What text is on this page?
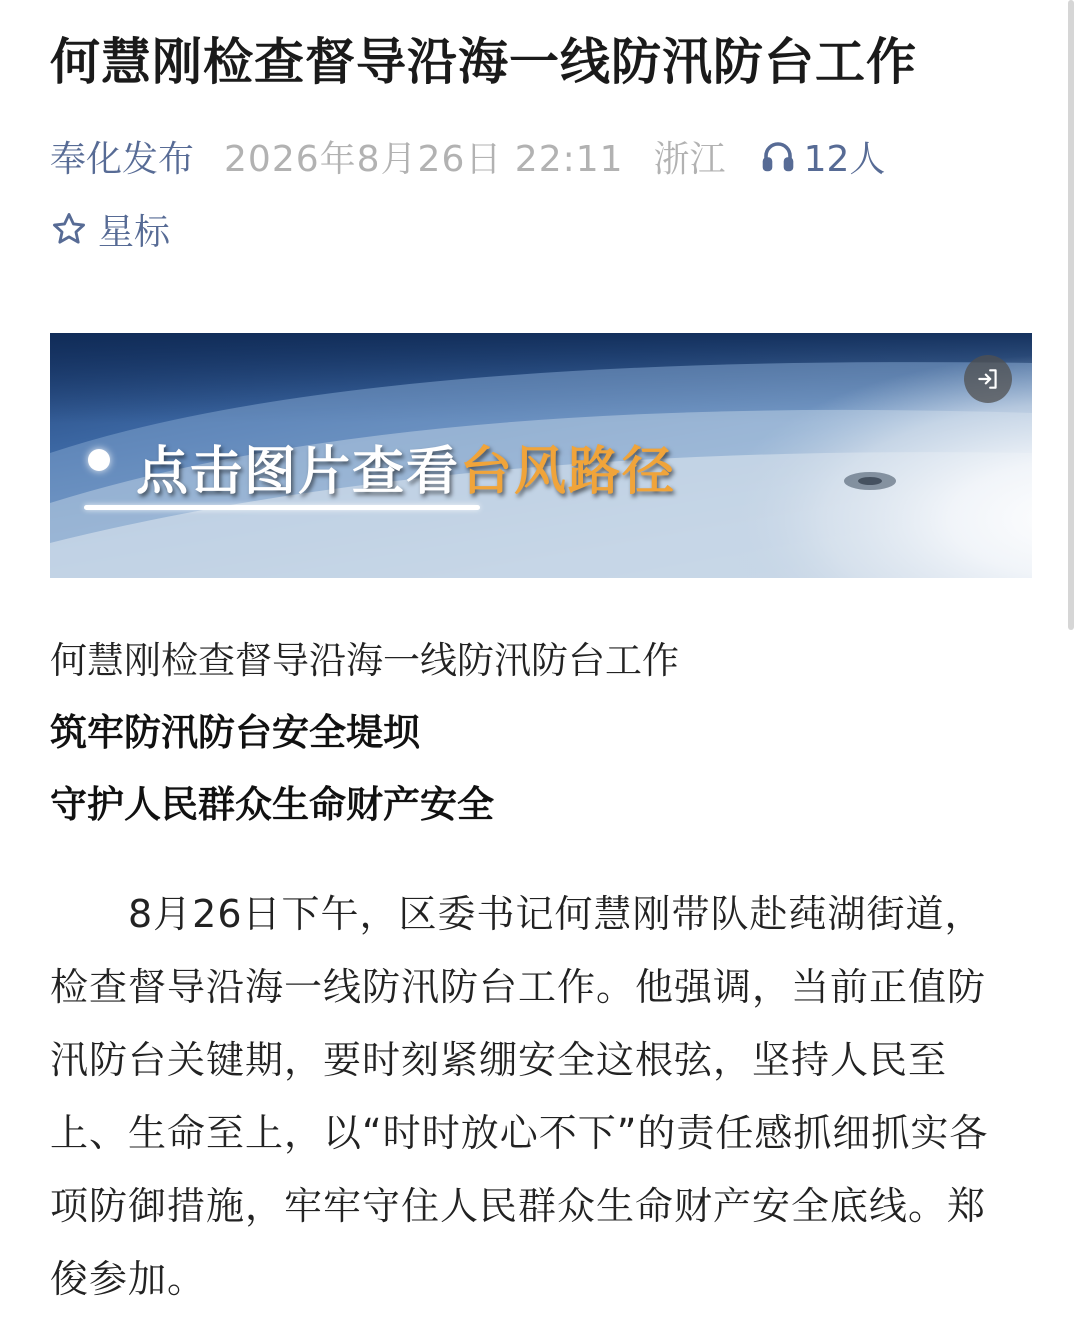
何慧刚检查督导沿海一线防汛防台工作
奉化发布 2026年8月26日 22:11 浙江 12人
星标
点击图片查看台风路径
何慧刚检查督导沿海一线防汛防台工作
筑牢防汛防台安全堤坝
守护人民群众生命财产安全
　　8月26日下午，区委书记何慧刚带队赴莼湖街道，
检查督导沿海一线防汛防台工作。他强调，当前正值防
汛防台关键期，要时刻紧绷安全这根弦，坚持人民至
上、生命至上，以“时时放心不下”的责任感抓细抓实各
项防御措施，牢牢守住人民群众生命财产安全底线。郑
俊参加。
